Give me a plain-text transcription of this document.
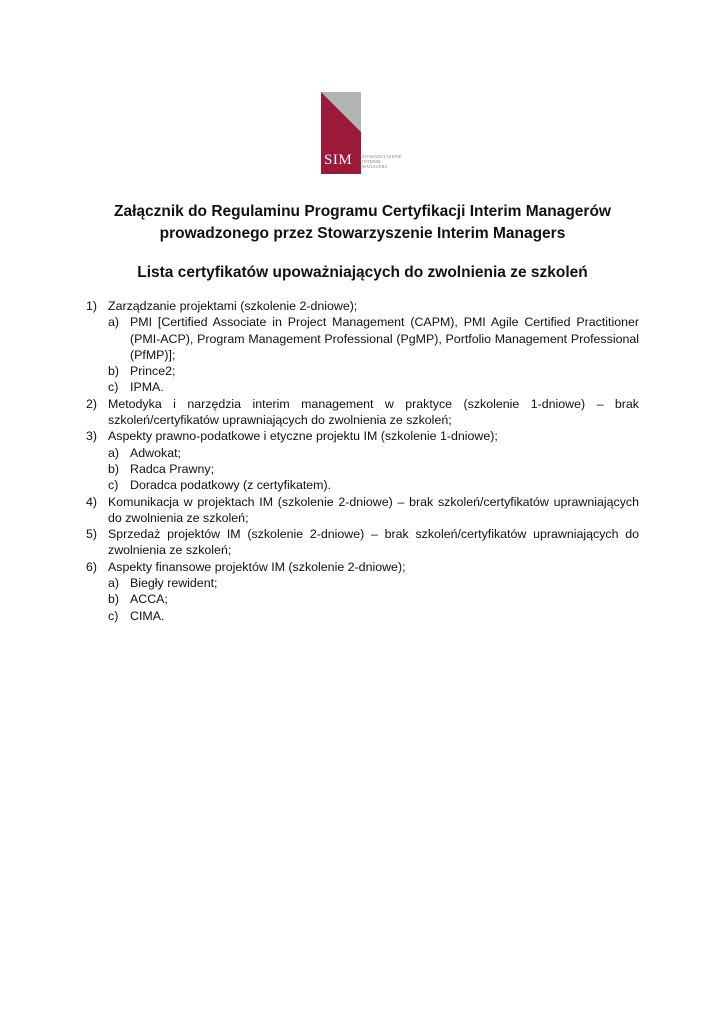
SIM STOWARZYSZENIE
INTERIM
MANAGERS
Załącznik do Regulaminu Programu Certyfikacji Interim Managerów
prowadzonego przez Stowarzyszenie Interim Managers
Lista certyfikatów upoważniających do zwolnienia ze szkoleń
1) Zarządzanie projektami (szkolenie 2-dniowe);
a) PMI [Certified Associate in Project Management (CAPM), PMI Agile Certified Practitioner (PMI-ACP), Program Management Professional (PgMP), Portfolio Management Professional (PfMP)];
b) Prince2;
c) IPMA.
2) Metodyka i narzędzia interim management w praktyce (szkolenie 1-dniowe) – brak szkoleń/certyfikatów uprawniających do zwolnienia ze szkoleń;
3) Aspekty prawno-podatkowe i etyczne projektu IM (szkolenie 1-dniowe);
a) Adwokat;
b) Radca Prawny;
c) Doradca podatkowy (z certyfikatem).
4) Komunikacja w projektach IM (szkolenie 2-dniowe) – brak szkoleń/certyfikatów uprawniających do zwolnienia ze szkoleń;
5) Sprzedaż projektów IM (szkolenie 2-dniowe) – brak szkoleń/certyfikatów uprawniających do zwolnienia ze szkoleń;
6) Aspekty finansowe projektów IM (szkolenie 2-dniowe);
a) Biegły rewident;
b) ACCA;
c) CIMA.
